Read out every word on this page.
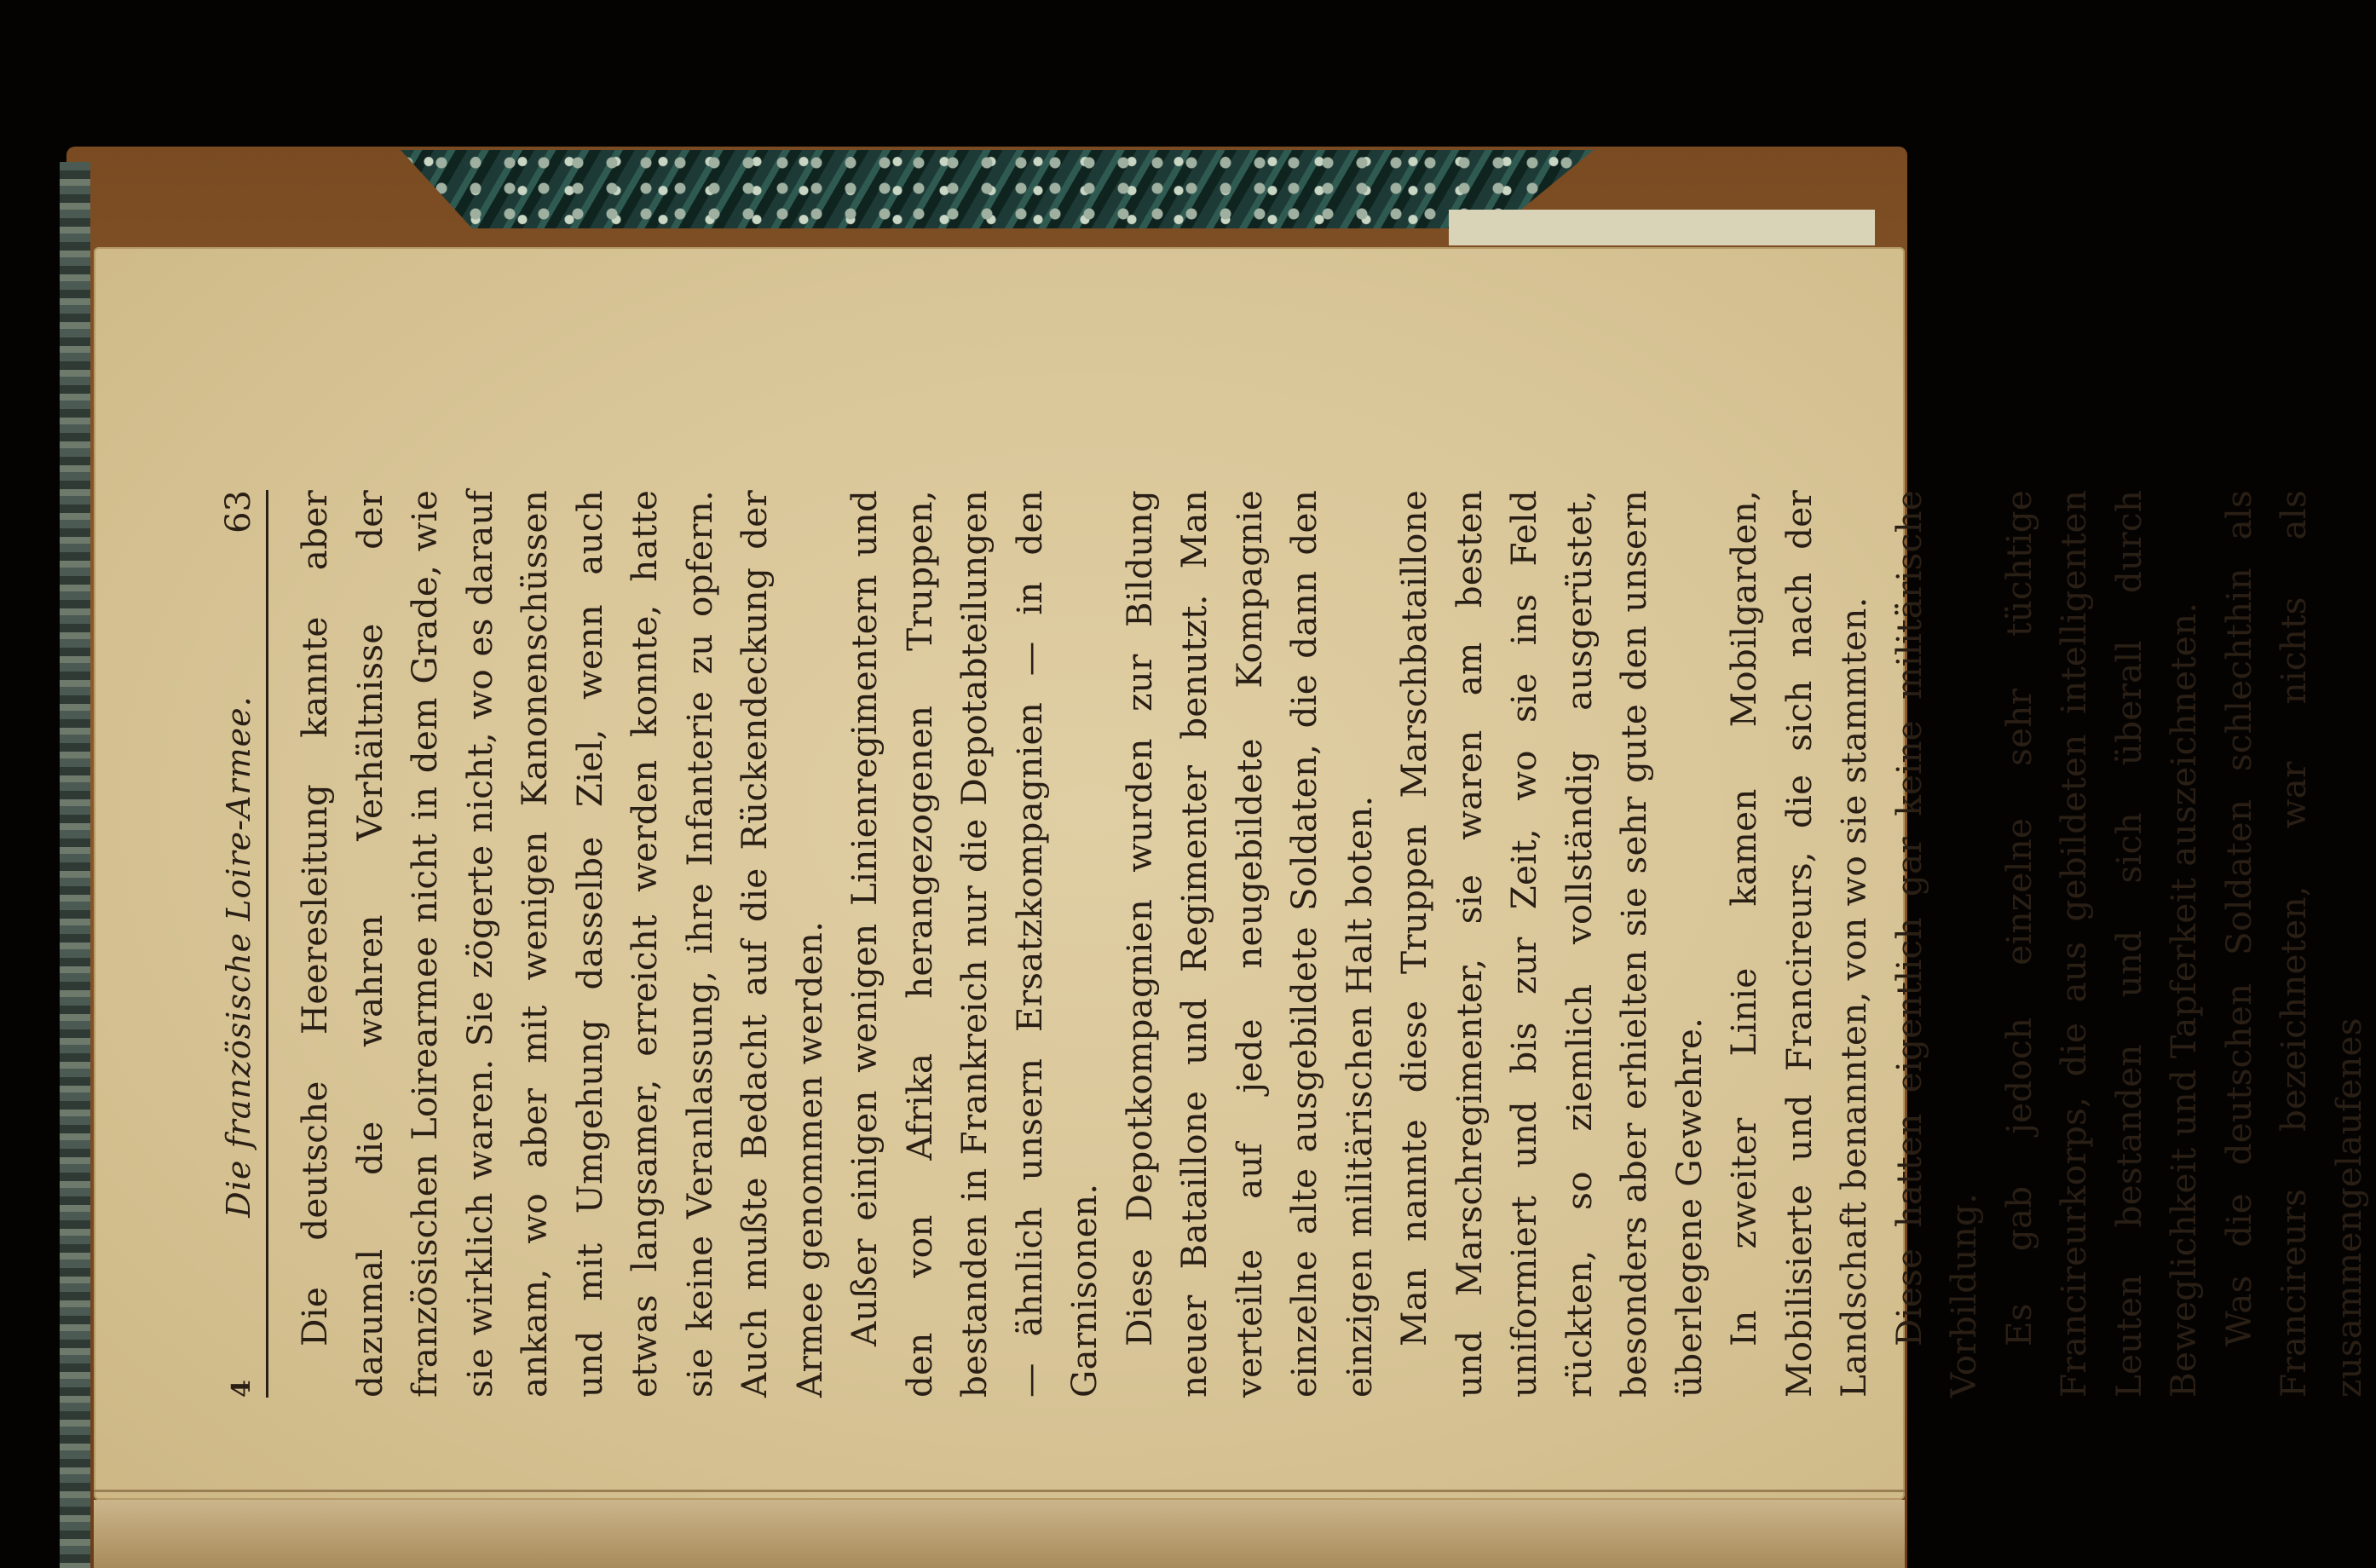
4
Die französische Loire-Armee.
63 Die deutsche Heeresleitung kannte aber dazumal die wahren Verhältnisse der französischen Loirearmee nicht in dem Grade, wie sie wirklich waren. Sie zögerte nicht, wo es darauf ankam, wo aber mit wenigen Kanonenschüssen und mit Umgehung dasselbe Ziel, wenn auch etwas langsamer, erreicht werden konnte, hatte sie keine Veranlassung, ihre Infanterie zu opfern. Auch mußte Bedacht auf die Rückendeckung der Armee genommen werden. Außer einigen wenigen Linienregimentern und den von Afrika herangezogenen Truppen, bestanden in Frankreich nur die Depotabteilungen — ähnlich unsern Ersatzkompagnien — in den Garnisonen. Diese Depotkompagnien wurden zur Bildung neuer Bataillone und Regimenter benutzt. Man verteilte auf jede neugebildete Kompagnie einzelne alte ausgebildete Soldaten, die dann den einzigen militärischen Halt boten. Man nannte diese Truppen Marschbataillone und Marschregimenter, sie waren am besten uniformiert und bis zur Zeit, wo sie ins Feld rückten, so ziemlich vollständig ausgerüstet, besonders aber erhielten sie sehr gute den unsern überlegene Gewehre. In zweiter Linie kamen Mobilgarden, Mobilisierte und Francireurs, die sich nach der Landschaft benannten, von wo sie stammten. Diese hatten eigentlich gar keine militärische Vorbildung. Es gab jedoch einzelne sehr tüchtige Francireurkorps, die aus gebildeten intelligenten Leuten bestanden und sich überall durch Beweglichkeit und Tapferkeit auszeichneten. Was die deutschen Soldaten schlechthin als Francireurs bezeichneten, war nichts als zusammengelaufenes
